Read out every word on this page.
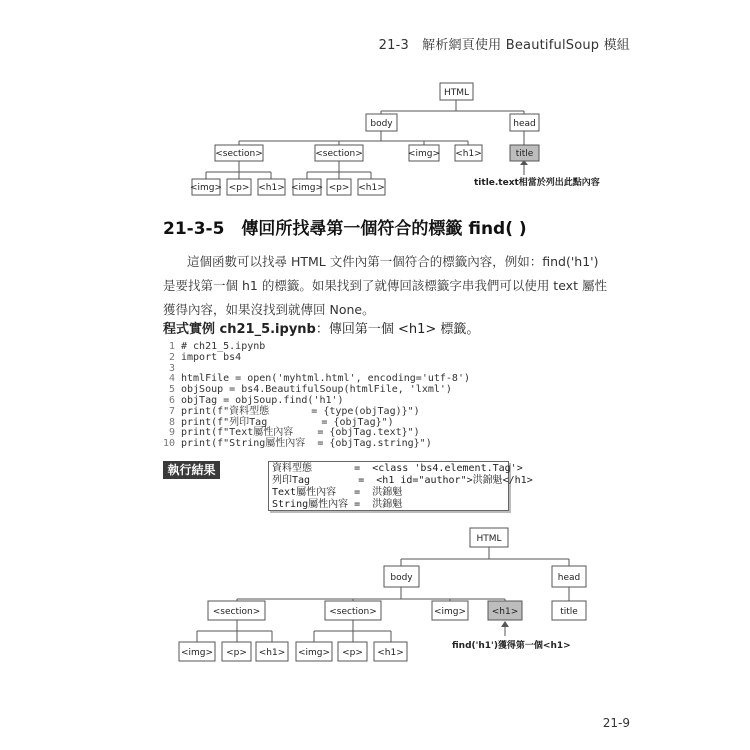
21-3　解析網頁使用 BeautifulSoup 模組
HTML
body	head
<section>	<section>	<img> <h1>	title
<img> <p> <h1> <img> <p> <h1>	title.text相當於列出此點內容
21-3-5　傳回所找尋第一個符合的標籤 find( )
這個函數可以找尋 HTML 文件內第一個符合的標籤內容，例如：find('h1') 是要找第一個 h1 的標籤。如果找到了就傳回該標籤字串我們可以使用 text 屬性獲得內容，如果沒找到就傳回 None。
程式實例 ch21_5.ipynb：傳回第一個 <h1> 標籤。
1 # ch21_5.ipynb
2 import bs4
3
4 htmlFile = open('myhtml.html', encoding='utf-8')
5 objSoup = bs4.BeautifulSoup(htmlFile, 'lxml')
6 objTag = objSoup.find('h1')
7 print(f"資料型態       = {type(objTag)}")
8 print(f"列印Tag         = {objTag}")
9 print(f"Text屬性內容    = {objTag.text}")
10 print(f"String屬性內容  = {objTag.string}")
執行結果	資料型態       =  <class 'bs4.element.Tag'>
列印Tag        =  <h1 id="author">洪錦魁</h1>
Text屬性內容   =  洪錦魁
String屬性內容 =  洪錦魁
HTML
body	head
<section>	<section>	<img>	<h1>	title
<img> <p> <h1> <img> <p> <h1>
find('h1')獲得第一個<h1>
21-9
